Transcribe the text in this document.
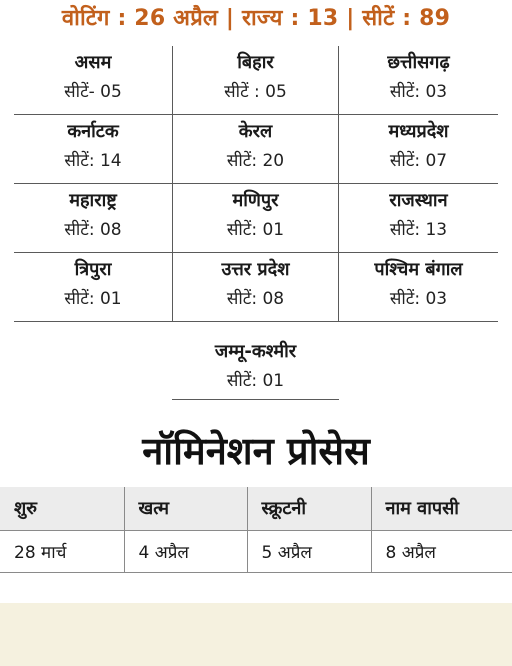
वोटिंग : 26 अप्रैल | राज्य : 13 | सीटें : 89
असम
सीटें- 05
बिहार
सीटें : 05
छत्तीसगढ़
सीटें: 03
कर्नाटक
सीटें: 14
केरल
सीटें: 20
मध्यप्रदेश
सीटें: 07
महाराष्ट्र
सीटें: 08
मणिपुर
सीटें: 01
राजस्थान
सीटें: 13
त्रिपुरा
सीटें: 01
उत्तर प्रदेश
सीटें: 08
पश्चिम बंगाल
सीटें: 03
जम्मू-कश्मीर
सीटें: 01
नॉमिनेशन प्रोसेस
शुरु	खत्म	स्क्रूटनी	नाम वापसी
28 मार्च	4 अप्रैल	5 अप्रैल	8 अप्रैल
